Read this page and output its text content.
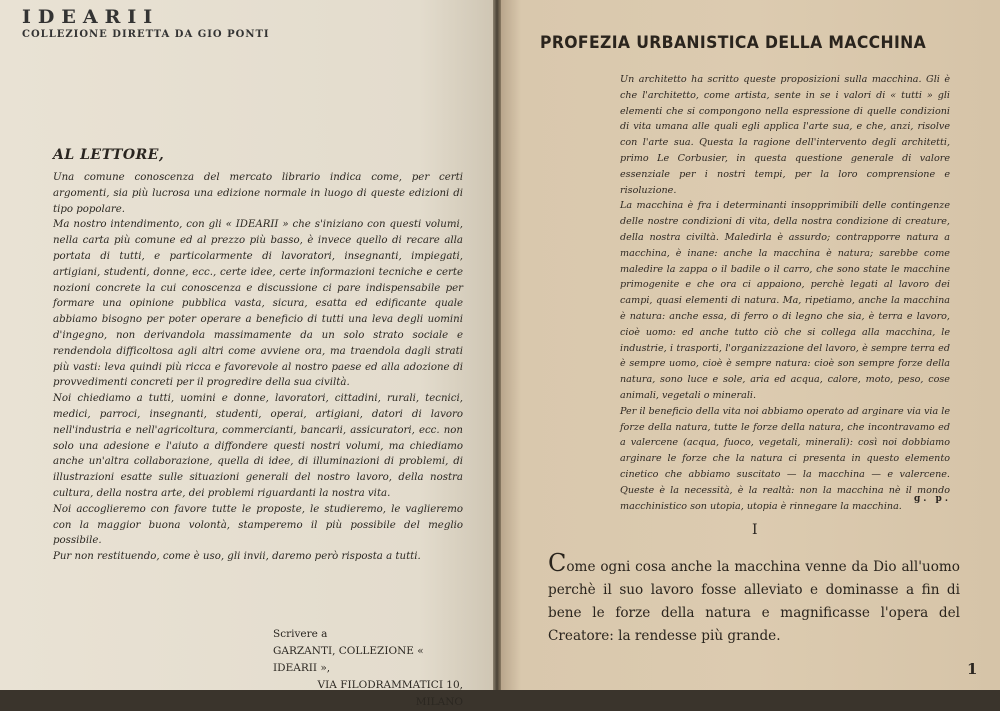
IDEARII
COLLEZIONE DIRETTA DA GIO PONTI
AL LETTORE,

Una comune conoscenza del mercato librario indica come, per certi argomenti, sia più lucrosa una edizione normale in luogo di queste edizioni di tipo popolare.

Ma nostro intendimento, con gli « IDEARII » che s'iniziano con questi volumi, nella carta più comune ed al prezzo più basso, è invece quello di recare alla portata di tutti, e particolarmente di lavoratori, insegnanti, impiegati, artigiani, studenti, donne, ecc., certe idee, certe informazioni tecniche e certe nozioni concrete la cui conoscenza e discussione ci pare indispensabile per formare una opinione pubblica vasta, sicura, esatta ed edificante quale abbiamo bisogno per poter operare a beneficio di tutti una leva degli uomini d'ingegno, non derivandola massimamente da un solo strato sociale e rendendola difficoltosa agli altri come avviene ora, ma traendola dagli strati più vasti: leva quindi più ricca e favorevole al nostro paese ed alla adozione di provvedimenti concreti per il progredire della sua civiltà.

Noi chiediamo a tutti, uomini e donne, lavoratori, cittadini, rurali, tecnici, medici, parroci, insegnanti, studenti, operai, artigiani, datori di lavoro nell'industria e nell'agricoltura, commercianti, bancarii, assicuratori, ecc. non solo una adesione e l'aiuto a diffondere questi nostri volumi, ma chiediamo anche un'altra collaborazione, quella di idee, di illuminazioni di problemi, di illustrazioni esatte sulle situazioni generali del nostro lavoro, della nostra cultura, della nostra arte, dei problemi riguardanti la nostra vita.

Noi accoglieremo con favore tutte le proposte, le studieremo, le vaglieremo con la maggior buona volontà, stamperemo il più possibile del meglio possibile.

Pur non restituendo, come è uso, gli invii, daremo però risposta a tutti.

Scrivere a
GARZANTI, COLLEZIONE « IDEARII »,
VIA FILODRAMMATICI 10, MILANO
PROFEZIA URBANISTICA DELLA MACCHINA

Un architetto ha scritto queste proposizioni sulla macchina. Gli è che l'architetto, come artista, sente in se i valori di « tutti » gli elementi che si compongono nella espressione di quelle condizioni di vita umana alle quali egli applica l'arte sua, e che, anzi, risolve con l'arte sua. Questa la ragione dell'intervento degli architetti, primo Le Corbusier, in questa questione generale di valore essenziale per i nostri tempi, per la loro comprensione e risoluzione.

La macchina è fra i determinanti insopprimibili delle contingenze delle nostre condizioni di vita, della nostra condizione di creature, della nostra civiltà. Maledirla è assurdo; contrapporre natura a macchina, è inane: anche la macchina è natura; sarebbe come maledire la zappa o il badile o il carro, che sono state le macchine primogenite e che ora ci appaiono, perchè legati al lavoro dei campi, quasi elementi di natura. Ma, ripetiamo, anche la macchina è natura: anche essa, di ferro o di legno che sia, è terra e lavoro, cioè uomo: ed anche tutto ciò che si collega alla macchina, le industrie, i trasporti, l'organizzazione del lavoro, è sempre terra ed è sempre uomo, cioè è sempre natura: cioè son sempre forze della natura, sono luce e sole, aria ed acqua, calore, moto, peso, cose animali, vegetali o minerali.

Per il beneficio della vita noi abbiamo operato ad arginare via via le forze della natura, tutte le forze della natura, che incontravamo ed a valercene (acqua, fuoco, vegetali, minerali): così noi dobbiamo arginare le forze che la natura ci presenta in questo elemento cinetico che abbiamo suscitato — la macchina — e valercene. Queste è la necessità, è la realtà: non la macchina nè il mondo macchinistico son utopia, utopia è rinnegare la macchina.

g. p.
I

Come ogni cosa anche la macchina venne da Dio all'uomo perchè il suo lavoro fosse alleviato e dominasse a fin di bene le forze della natura e magnificasse l'opera del Creatore: la rendesse più grande.

1
